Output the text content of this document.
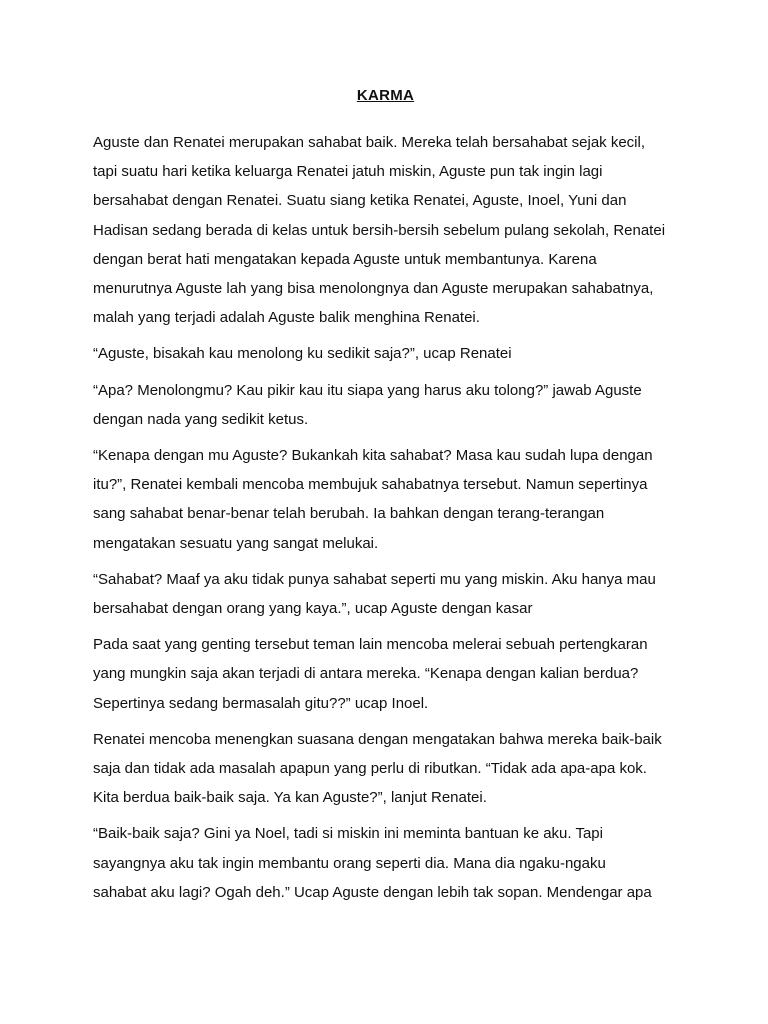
KARMA
Aguste dan Renatei merupakan sahabat baik. Mereka telah bersahabat sejak kecil,
tapi suatu hari ketika keluarga Renatei jatuh miskin, Aguste pun tak ingin lagi
bersahabat dengan Renatei. Suatu siang ketika Renatei, Aguste, Inoel, Yuni dan
Hadisan sedang berada di kelas untuk bersih-bersih sebelum pulang sekolah, Renatei
dengan berat hati mengatakan kepada Aguste untuk membantunya. Karena
menurutnya Aguste lah yang bisa menolongnya dan Aguste merupakan sahabatnya,
malah yang terjadi adalah Aguste balik menghina Renatei.
“Aguste, bisakah kau menolong ku sedikit saja?”, ucap Renatei
“Apa? Menolongmu? Kau pikir kau itu siapa yang harus aku tolong?” jawab Aguste
dengan nada yang sedikit ketus.
“Kenapa dengan mu Aguste? Bukankah kita sahabat? Masa kau sudah lupa dengan
itu?”, Renatei kembali mencoba membujuk sahabatnya tersebut. Namun sepertinya
sang sahabat benar-benar telah berubah. Ia bahkan dengan terang-terangan
mengatakan sesuatu yang sangat melukai.
“Sahabat? Maaf ya aku tidak punya sahabat seperti mu yang miskin. Aku hanya mau
bersahabat dengan orang yang kaya.”, ucap Aguste dengan kasar
Pada saat yang genting tersebut teman lain mencoba melerai sebuah pertengkaran
yang mungkin saja akan terjadi di antara mereka. “Kenapa dengan kalian berdua?
Sepertinya sedang bermasalah gitu??” ucap Inoel.
Renatei mencoba menengkan suasana dengan mengatakan bahwa mereka baik-baik
saja dan tidak ada masalah apapun yang perlu di ributkan. “Tidak ada apa-apa kok.
Kita berdua baik-baik saja. Ya kan Aguste?”, lanjut Renatei.
“Baik-baik saja? Gini ya Noel, tadi si miskin ini meminta bantuan ke aku. Tapi
sayangnya aku tak ingin membantu orang seperti dia. Mana dia ngaku-ngaku
sahabat aku lagi? Ogah deh.” Ucap Aguste dengan lebih tak sopan. Mendengar apa
